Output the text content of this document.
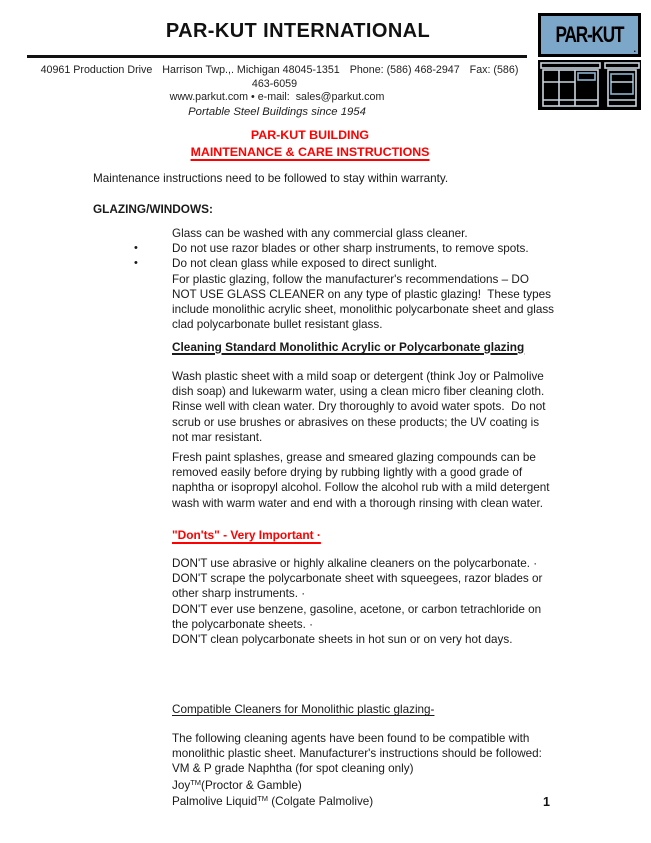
PAR-KUT INTERNATIONAL
40961 Production Drive Harrison Twp.,. Michigan 48045-1351 Phone: (586) 468-2947 Fax: (586) 463-6059
www.parkut.com • e-mail:  sales@parkut.com
Portable Steel Buildings since 1954
PAR-KUT
.
PAR-KUT BUILDING
MAINTENANCE & CARE INSTRUCTIONS
Maintenance instructions need to be followed to stay within warranty.
GLAZING/WINDOWS:
Glass can be washed with any commercial glass cleaner.
•	Do not use razor blades or other sharp instruments, to remove spots.
•	Do not clean glass while exposed to direct sunlight.
For plastic glazing, follow the manufacturer's recommendations – DO
NOT USE GLASS CLEANER on any type of plastic glazing!  These types
include monolithic acrylic sheet, monolithic polycarbonate sheet and glass
clad polycarbonate bullet resistant glass.
Cleaning Standard Monolithic Acrylic or Polycarbonate glazing
Wash plastic sheet with a mild soap or detergent (think Joy or Palmolive
dish soap) and lukewarm water, using a clean micro fiber cleaning cloth.
Rinse well with clean water. Dry thoroughly to avoid water spots.  Do not
scrub or use brushes or abrasives on these products; the UV coating is
not mar resistant.
Fresh paint splashes, grease and smeared glazing compounds can be
removed easily before drying by rubbing lightly with a good grade of
naphtha or isopropyl alcohol. Follow the alcohol rub with a mild detergent
wash with warm water and end with a thorough rinsing with clean water.
"Don'ts" - Very Important ·
DON'T use abrasive or highly alkaline cleaners on the polycarbonate. ·
DON'T scrape the polycarbonate sheet with squeegees, razor blades or
other sharp instruments. ·
DON'T ever use benzene, gasoline, acetone, or carbon tetrachloride on
the polycarbonate sheets. ·
DON'T clean polycarbonate sheets in hot sun or on very hot days.
Compatible Cleaners for Monolithic plastic glazing-
The following cleaning agents have been found to be compatible with
monolithic plastic sheet. Manufacturer's instructions should be followed:
VM & P grade Naphtha (for spot cleaning only)
Joy™(Proctor & Gamble)
Palmolive Liquid™ (Colgate Palmolive)	1
